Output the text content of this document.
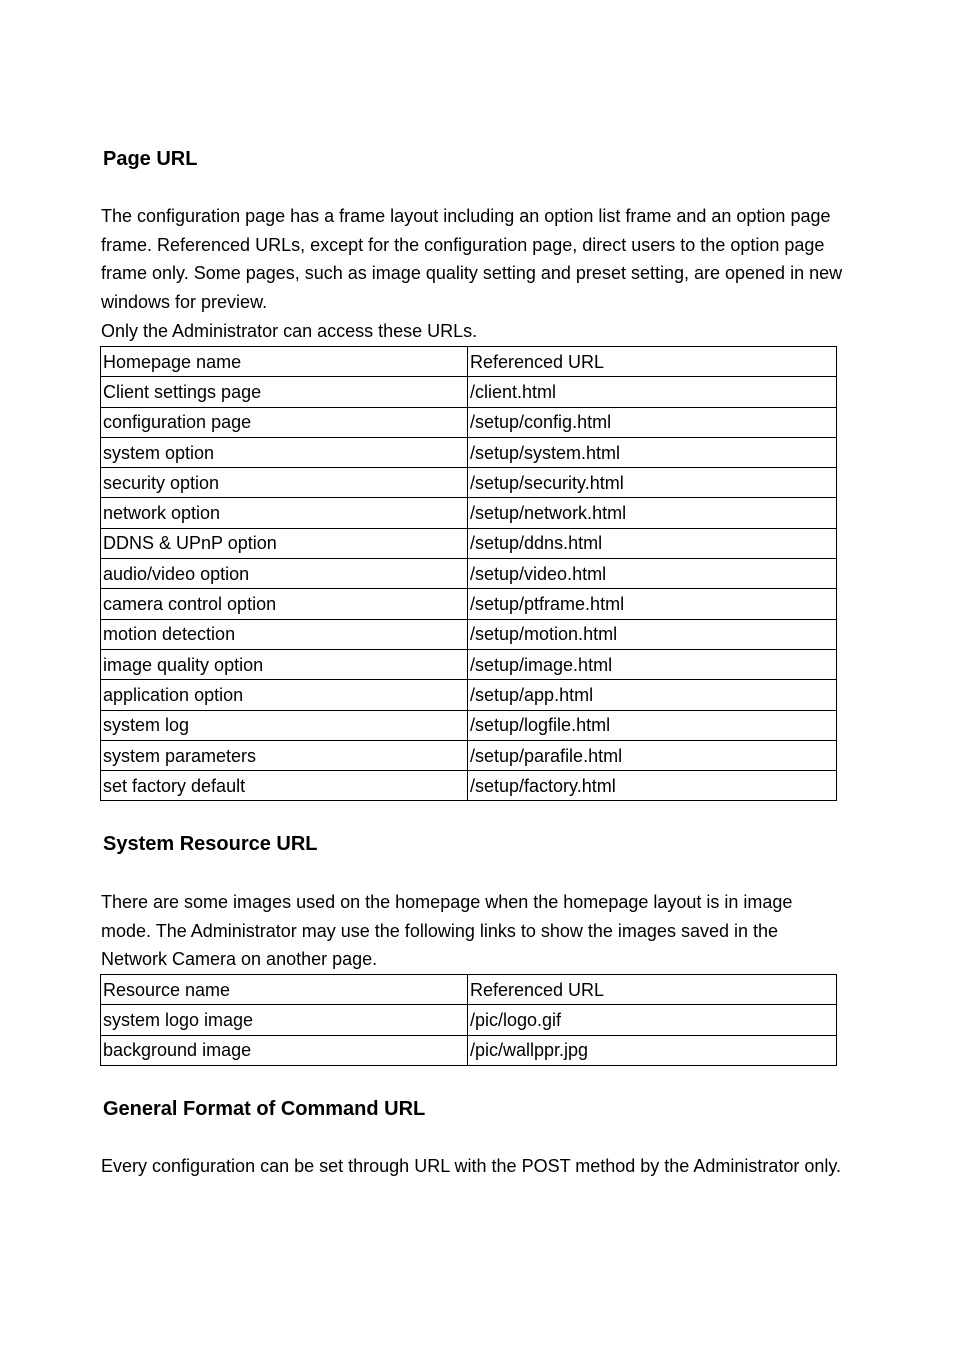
Page URL

The configuration page has a frame layout including an option list frame and an option page frame. Referenced URLs, except for the configuration page, direct users to the option page frame only. Some pages, such as image quality setting and preset setting, are opened in new windows for preview.

Only the Administrator can access these URLs.

Homepage name	Referenced URL
Client settings page	/client.html
configuration page	/setup/config.html
system option	/setup/system.html
security option	/setup/security.html
network option	/setup/network.html
DDNS & UPnP option	/setup/ddns.html
audio/video option	/setup/video.html
camera control option	/setup/ptframe.html
motion detection	/setup/motion.html
image quality option	/setup/image.html
application option	/setup/app.html
system log	/setup/logfile.html
system parameters	/setup/parafile.html
set factory default	/setup/factory.html
System Resource URL

There are some images used on the homepage when the homepage layout is in image mode. The Administrator may use the following links to show the images saved in the Network Camera on another page.

Resource name	Referenced URL
system logo image	/pic/logo.gif
background image	/pic/wallppr.jpg
General Format of Command URL

Every configuration can be set through URL with the POST method by the Administrator only.
